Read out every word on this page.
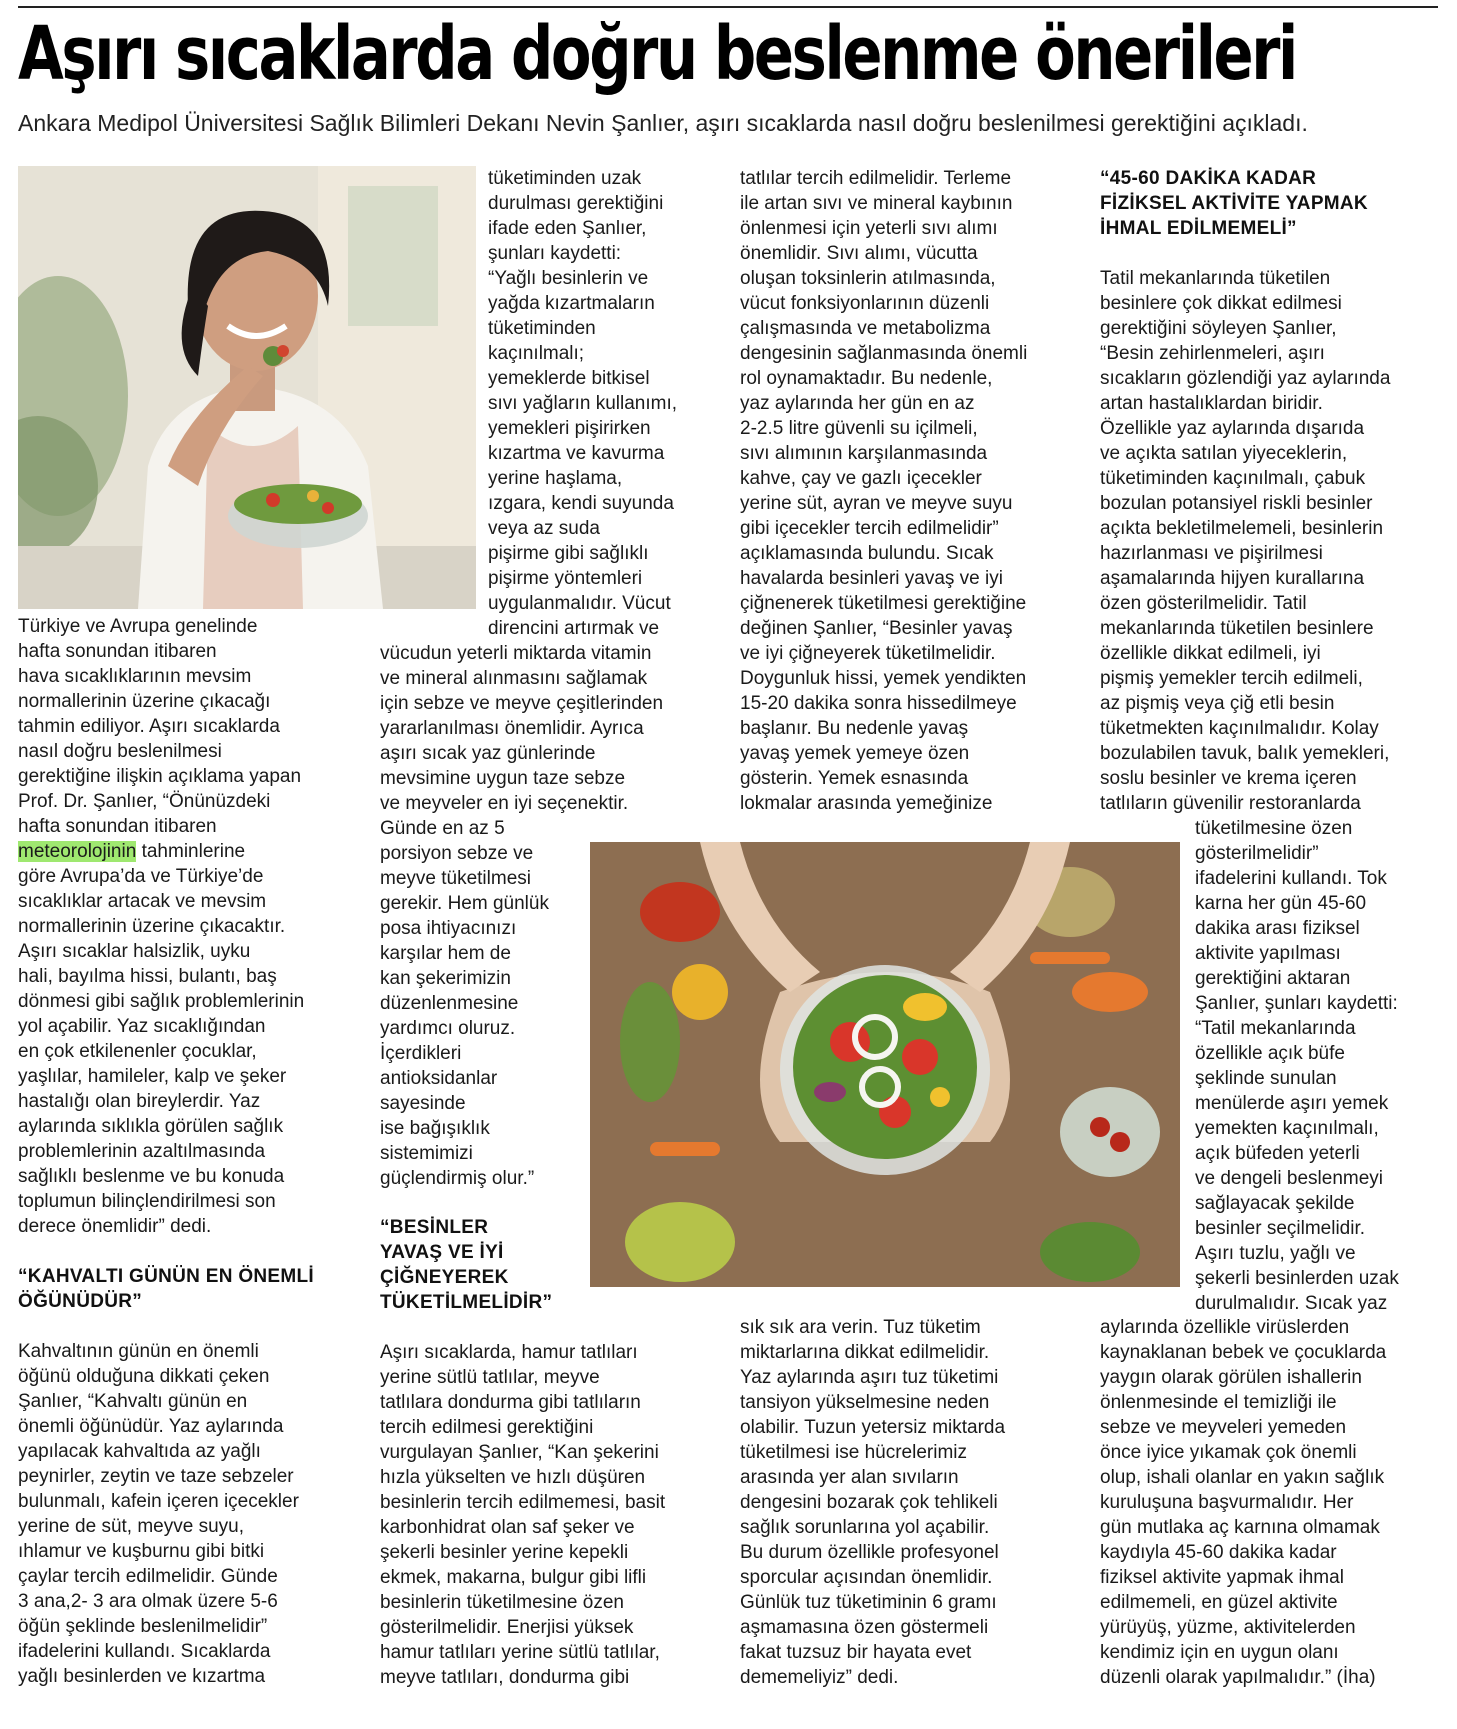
Aşırı sıcaklarda doğru beslenme önerileri

Ankara Medipol Üniversitesi Sağlık Bilimleri Dekanı Nevin Şanlıer, aşırı sıcaklarda nasıl doğru beslenilmesi gerektiğini açıkladı.

Türkiye ve Avrupa genelinde
hafta sonundan itibaren
hava sıcaklıklarının mevsim
normallerinin üzerine çıkacağı
tahmin ediliyor. Aşırı sıcaklarda
nasıl doğru beslenilmesi
gerektiğine ilişkin açıklama yapan
Prof. Dr. Şanlıer, “Önünüzdeki
hafta sonundan itibaren
meteorolojinin tahminlerine
göre Avrupa’da ve Türkiye’de
sıcaklıklar artacak ve mevsim
normallerinin üzerine çıkacaktır.
Aşırı sıcaklar halsizlik, uyku
hali, bayılma hissi, bulantı, baş
dönmesi gibi sağlık problemlerinin
yol açabilir. Yaz sıcaklığından
en çok etkilenenler çocuklar,
yaşlılar, hamileler, kalp ve şeker
hastalığı olan bireylerdir. Yaz
aylarında sıklıkla görülen sağlık
problemlerinin azaltılmasında
sağlıklı beslenme ve bu konuda
toplumun bilinçlendirilmesi son
derece önemlidir” dedi.

“KAHVALTI GÜNÜN EN ÖNEMLİ
ÖĞÜNÜDÜR”

Kahvaltının günün en önemli
öğünü olduğuna dikkati çeken
Şanlıer, “Kahvaltı günün en
önemli öğünüdür. Yaz aylarında
yapılacak kahvaltıda az yağlı
peynirler, zeytin ve taze sebzeler
bulunmalı, kafein içeren içecekler
yerine de süt, meyve suyu,
ıhlamur ve kuşburnu gibi bitki
çaylar tercih edilmelidir. Günde
3 ana,2- 3 ara olmak üzere 5-6
öğün şeklinde beslenilmelidir”
ifadelerini kullandı. Sıcaklarda
yağlı besinlerden ve kızartma

tüketiminden uzak
durulması gerektiğini
ifade eden Şanlıer,
şunları kaydetti:
“Yağlı besinlerin ve
yağda kızartmaların
tüketiminden
kaçınılmalı;
yemeklerde bitkisel
sıvı yağların kullanımı,
yemekleri pişirirken
kızartma ve kavurma
yerine haşlama,
ızgara, kendi suyunda
veya az suda
pişirme gibi sağlıklı
pişirme yöntemleri
uygulanmalıdır. Vücut
direncini artırmak ve

vücudun yeterli miktarda vitamin
ve mineral alınmasını sağlamak
için sebze ve meyve çeşitlerinden
yararlanılması önemlidir. Ayrıca
aşırı sıcak yaz günlerinde
mevsimine uygun taze sebze
ve meyveler en iyi seçenektir.

Günde en az 5
porsiyon sebze ve
meyve tüketilmesi
gerekir. Hem günlük
posa ihtiyacınızı
karşılar hem de
kan şekerimizin
düzenlenmesine
yardımcı oluruz.
İçerdikleri
antioksidanlar
sayesinde
ise bağışıklık
sistemimizi
güçlendirmiş olur.”

“BESİNLER
YAVAŞ VE İYİ
ÇİĞNEYEREK
TÜKETİLMELİDİR”

Aşırı sıcaklarda, hamur tatlıları
yerine sütlü tatlılar, meyve
tatlılara dondurma gibi tatlıların
tercih edilmesi gerektiğini
vurgulayan Şanlıer, “Kan şekerini
hızla yükselten ve hızlı düşüren
besinlerin tercih edilmemesi, basit
karbonhidrat olan saf şeker ve
şekerli besinler yerine kepekli
ekmek, makarna, bulgur gibi lifli
besinlerin tüketilmesine özen
gösterilmelidir. Enerjisi yüksek
hamur tatlıları yerine sütlü tatlılar,
meyve tatlıları, dondurma gibi

tatlılar tercih edilmelidir. Terleme
ile artan sıvı ve mineral kaybının
önlenmesi için yeterli sıvı alımı
önemlidir. Sıvı alımı, vücutta
oluşan toksinlerin atılmasında,
vücut fonksiyonlarının düzenli
çalışmasında ve metabolizma
dengesinin sağlanmasında önemli
rol oynamaktadır. Bu nedenle,
yaz aylarında her gün en az
2-2.5 litre güvenli su içilmeli,
sıvı alımının karşılanmasında
kahve, çay ve gazlı içecekler
yerine süt, ayran ve meyve suyu
gibi içecekler tercih edilmelidir”
açıklamasında bulundu. Sıcak
havalarda besinleri yavaş ve iyi
çiğnenerek tüketilmesi gerektiğine
değinen Şanlıer, “Besinler yavaş
ve iyi çiğneyerek tüketilmelidir.
Doygunluk hissi, yemek yendikten
15-20 dakika sonra hissedilmeye
başlanır. Bu nedenle yavaş
yavaş yemek yemeye özen
gösterin. Yemek esnasında
lokmalar arasında yemeğinize

sık sık ara verin. Tuz tüketim
miktarlarına dikkat edilmelidir.
Yaz aylarında aşırı tuz tüketimi
tansiyon yükselmesine neden
olabilir. Tuzun yetersiz miktarda
tüketilmesi ise hücrelerimiz
arasında yer alan sıvıların
dengesini bozarak çok tehlikeli
sağlık sorunlarına yol açabilir.
Bu durum özellikle profesyonel
sporcular açısından önemlidir.
Günlük tuz tüketiminin 6 gramı
aşmamasına özen göstermeli
fakat tuzsuz bir hayata evet
dememeliyiz” dedi.

“45-60 DAKİKA KADAR
FİZİKSEL AKTİVİTE YAPMAK
İHMAL EDİLMEMELİ”

Tatil mekanlarında tüketilen
besinlere çok dikkat edilmesi
gerektiğini söyleyen Şanlıer,
“Besin zehirlenmeleri, aşırı
sıcakların gözlendiği yaz aylarında
artan hastalıklardan biridir.
Özellikle yaz aylarında dışarıda
ve açıkta satılan yiyeceklerin,
tüketiminden kaçınılmalı, çabuk
bozulan potansiyel riskli besinler
açıkta bekletilmelemeli, besinlerin
hazırlanması ve pişirilmesi
aşamalarında hijyen kurallarına
özen gösterilmelidir. Tatil
mekanlarında tüketilen besinlere
özellikle dikkat edilmeli, iyi
pişmiş yemekler tercih edilmeli,
az pişmiş veya çiğ etli besin
tüketmekten kaçınılmalıdır. Kolay
bozulabilen tavuk, balık yemekleri,
soslu besinler ve krema içeren
tatlıların güvenilir restoranlarda

tüketilmesine özen
gösterilmelidir”
ifadelerini kullandı. Tok
karna her gün 45-60
dakika arası fiziksel
aktivite yapılması
gerektiğini aktaran
Şanlıer, şunları kaydetti:
“Tatil mekanlarında
özellikle açık büfe
şeklinde sunulan
menülerde aşırı yemek
yemekten kaçınılmalı,
açık büfeden yeterli
ve dengeli beslenmeyi
sağlayacak şekilde
besinler seçilmelidir.
Aşırı tuzlu, yağlı ve
şekerli besinlerden uzak
durulmalıdır. Sıcak yaz

aylarında özellikle virüslerden
kaynaklanan bebek ve çocuklarda
yaygın olarak görülen ishallerin
önlenmesinde el temizliği ile
sebze ve meyveleri yemeden
önce iyice yıkamak çok önemli
olup, ishali olanlar en yakın sağlık
kuruluşuna başvurmalıdır. Her
gün mutlaka aç karnına olmamak
kaydıyla 45-60 dakika kadar
fiziksel aktivite yapmak ihmal
edilmemeli, en güzel aktivite
yürüyüş, yüzme, aktivitelerden
kendimiz için en uygun olanı
düzenli olarak yapılmalıdır.” (İha)
